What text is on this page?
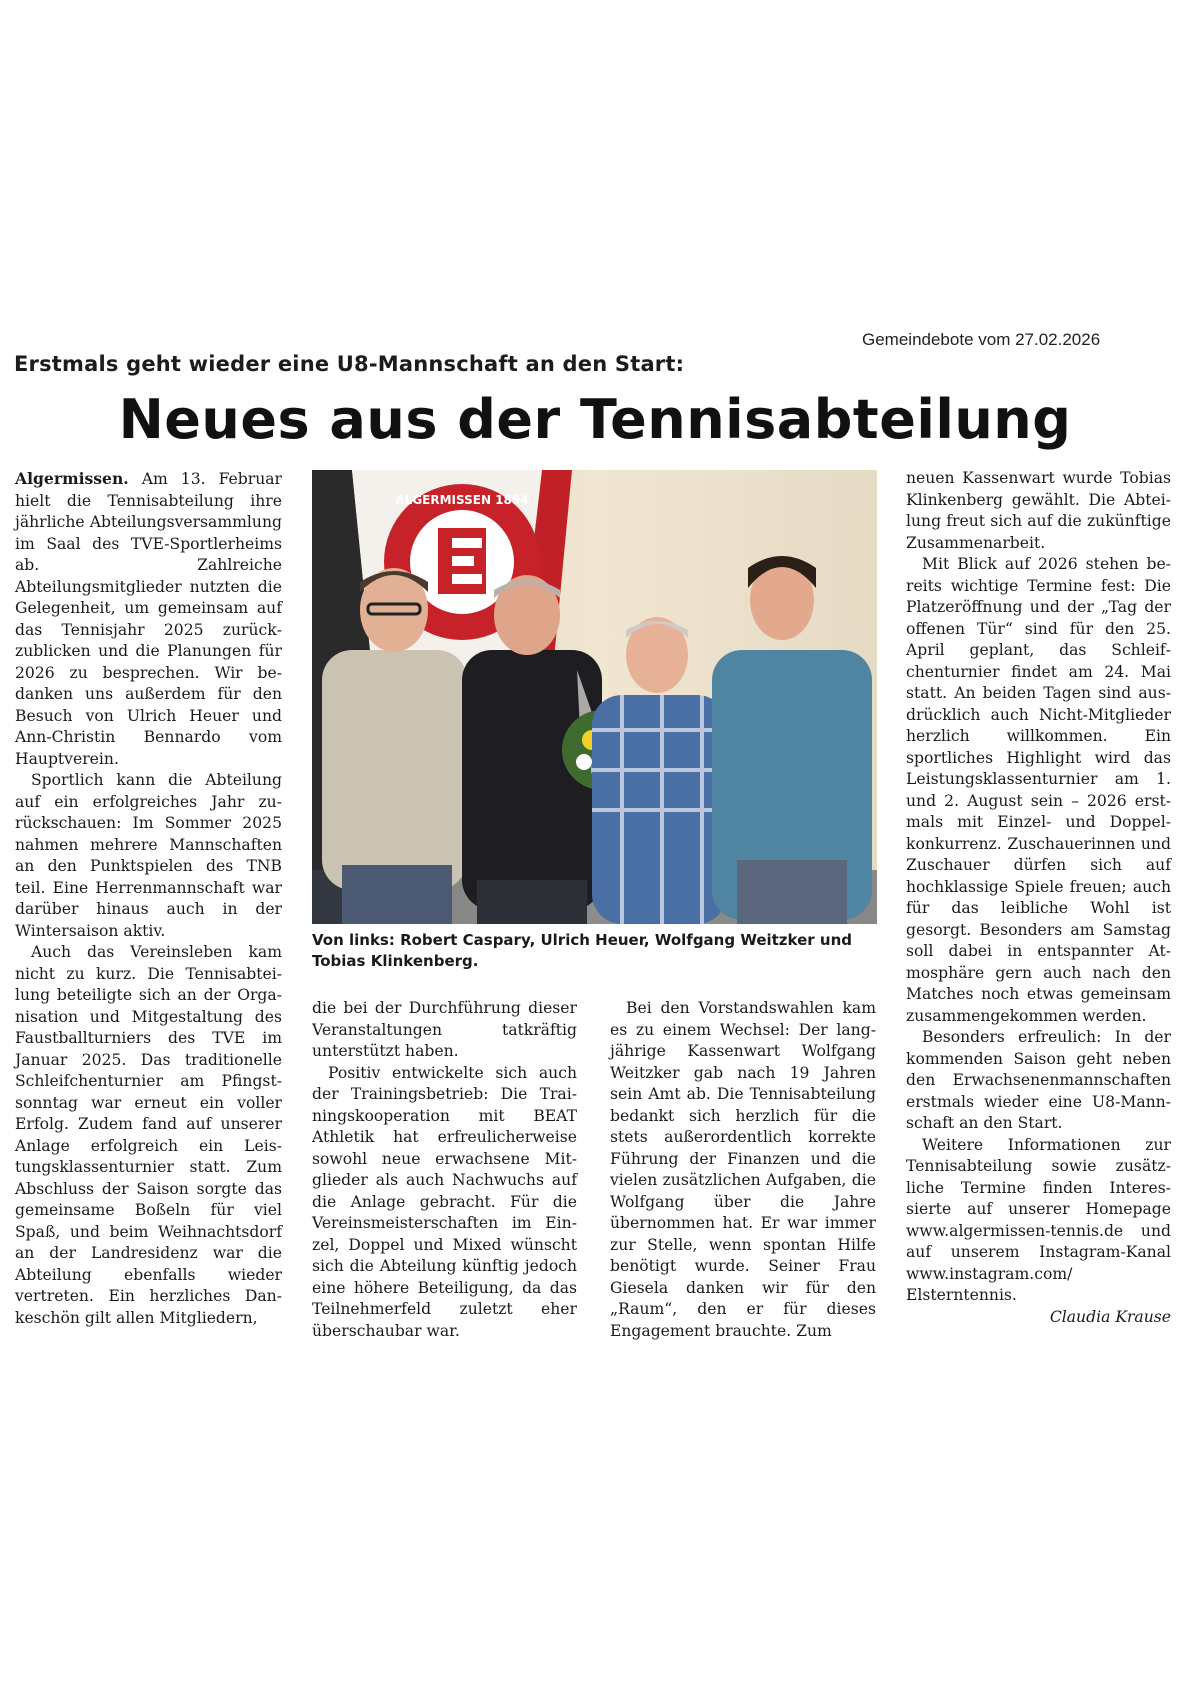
Gemeindebote vom 27.02.2026
Erstmals geht wieder eine U8-Mannschaft an den Start:
Neues aus der Tennisabteilung

Algermissen. Am 13. Februar hielt die Tennisabteilung ihre jährliche Abteilungsversammlung im Saal des TVE-Sportlerheims ab. Zahlreiche Abteilungsmitglieder nutzten die Gelegenheit, um gemeinsam auf das Tennisjahr 2025 zurückzublicken und die Planungen für 2026 zu besprechen. Wir bedanken uns außerdem für den Besuch von Ulrich Heuer und Ann-Christin Bennardo vom Hauptverein.

Sportlich kann die Abteilung auf ein erfolgreiches Jahr zurückschauen: Im Sommer 2025 nahmen mehrere Mannschaften an den Punktspielen des TNB teil. Eine Herrenmannschaft war darüber hinaus auch in der Wintersaison aktiv.

Auch das Vereinsleben kam nicht zu kurz. Die Tennisabteilung beteiligte sich an der Organisation und Mitgestaltung des Faustballturniers des TVE im Januar 2025. Das traditionelle Schleifchenturnier am Pfingstsonntag war erneut ein voller Erfolg. Zudem fand auf unserer Anlage erfolgreich ein Leistungsklassenturnier statt. Zum Abschluss der Saison sorgte das gemeinsame Boßeln für viel Spaß, und beim Weihnachtsdorf an der Landresidenz war die Abteilung ebenfalls wieder vertreten. Ein herzliches Dankeschön gilt allen Mitgliedern,

ALGERMISSEN 1894
Von links: Robert Caspary, Ulrich Heuer, Wolfgang Weitzker und Tobias Klinkenberg.

die bei der Durchführung dieser Veranstaltungen tatkräftig unterstützt haben.

Positiv entwickelte sich auch der Trainingsbetrieb: Die Trainingskooperation mit BEAT Athletik hat erfreulicherweise sowohl neue erwachsene Mitglieder als auch Nachwuchs auf die Anlage gebracht. Für die Vereinsmeisterschaften im Einzel, Doppel und Mixed wünscht sich die Abteilung künftig jedoch eine höhere Beteiligung, da das Teilnehmerfeld zuletzt eher überschaubar war.

Bei den Vorstandswahlen kam es zu einem Wechsel: Der langjährige Kassenwart Wolfgang Weitzker gab nach 19 Jahren sein Amt ab. Die Tennisabteilung bedankt sich herzlich für die stets außerordentlich korrekte Führung der Finanzen und die vielen zusätzlichen Aufgaben, die Wolfgang über die Jahre übernommen hat. Er war immer zur Stelle, wenn spontan Hilfe benötigt wurde. Seiner Frau Giesela danken wir für den „Raum“, den er für dieses Engagement brauchte. Zum

neuen Kassenwart wurde Tobias Klinkenberg gewählt. Die Abteilung freut sich auf die zukünftige Zusammenarbeit.

Mit Blick auf 2026 stehen bereits wichtige Termine fest: Die Platzeröffnung und der „Tag der offenen Tür“ sind für den 25. April geplant, das Schleifchenturnier findet am 24. Mai statt. An beiden Tagen sind ausdrücklich auch Nicht-Mitglieder herzlich willkommen. Ein sportliches Highlight wird das Leistungsklassenturnier am 1. und 2. August sein – 2026 erstmals mit Einzel- und Doppelkonkurrenz. Zuschauerinnen und Zuschauer dürfen sich auf hochklassige Spiele freuen; auch für das leibliche Wohl ist gesorgt. Besonders am Samstag soll dabei in entspannter Atmosphäre gern auch nach den Matches noch etwas gemeinsam zusammengekommen werden.

Besonders erfreulich: In der kommenden Saison geht neben den Erwachsenenmannschaften erstmals wieder eine U8-Mannschaft an den Start.

Weitere Informationen zur Tennisabteilung sowie zusätzliche Termine finden Interessierte auf unserer Homepage www.algermissen-tennis.de und auf unserem Instagram-Kanal www.instagram.com/ Elsterntennis.

Claudia Krause
